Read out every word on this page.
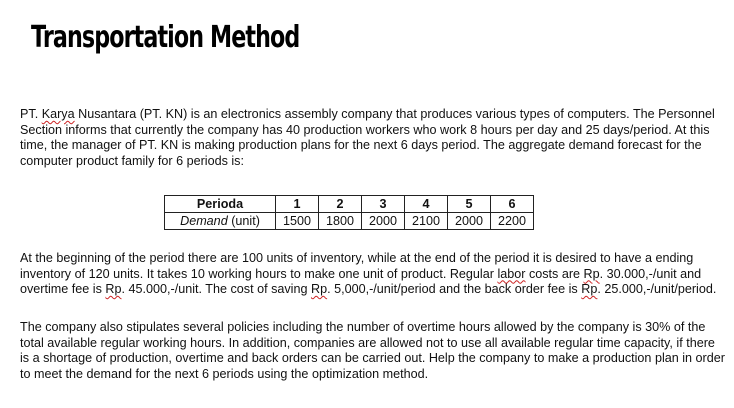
Transportation Method

PT. Karya Nusantara (PT. KN) is an electronics assembly company that produces various types of computers. The Personnel Section informs that currently the company has 40 production workers who work 8 hours per day and 25 days/period. At this time, the manager of PT. KN is making production plans for the next 6 days period. The aggregate demand forecast for the computer product family for 6 periods is:

Perioda	1	2	3	4	5	6
Demand (unit)	1500	1800	2000	2100	2000	2200

At the beginning of the period there are 100 units of inventory, while at the end of the period it is desired to have a ending inventory of 120 units. It takes 10 working hours to make one unit of product. Regular labor costs are Rp. 30.000,-/unit and overtime fee is Rp. 45.000,-/unit. The cost of saving Rp. 5,000,-/unit/period and the back order fee is Rp. 25.000,-/unit/period.

The company also stipulates several policies including the number of overtime hours allowed by the company is 30% of the total available regular working hours. In addition, companies are allowed not to use all available regular time capacity, if there is a shortage of production, overtime and back orders can be carried out. Help the company to make a production plan in order to meet the demand for the next 6 periods using the optimization method.
